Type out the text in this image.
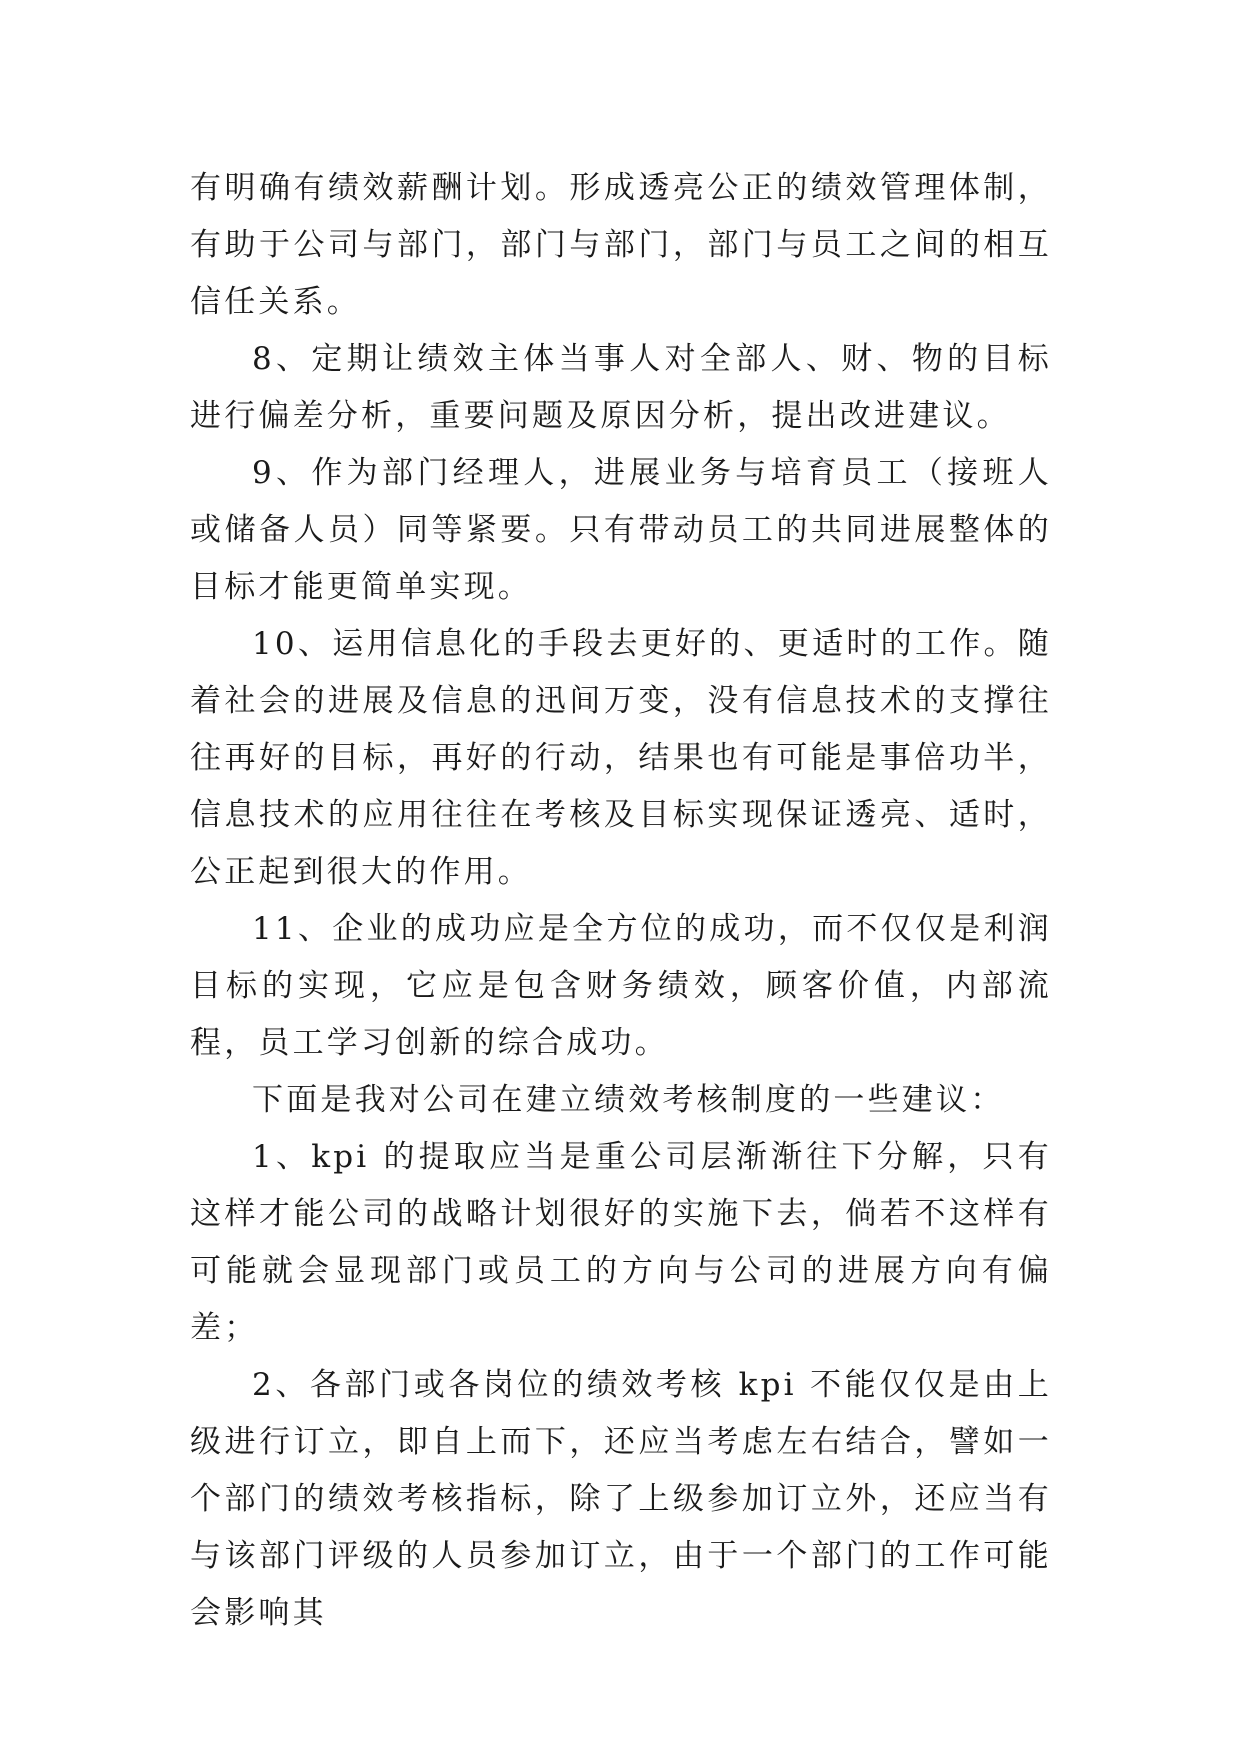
有明确有绩效薪酬计划。形成透亮公正的绩效管理体制，有助于公司与部门，部门与部门，部门与员工之间的相互信任关系。

8、定期让绩效主体当事人对全部人、财、物的目标进行偏差分析，重要问题及原因分析，提出改进建议。

9、作为部门经理人，进展业务与培育员工（接班人或储备人员）同等紧要。只有带动员工的共同进展整体的目标才能更简单实现。

10、运用信息化的手段去更好的、更适时的工作。随着社会的进展及信息的迅间万变，没有信息技术的支撑往往再好的目标，再好的行动，结果也有可能是事倍功半，信息技术的应用往往在考核及目标实现保证透亮、适时，公正起到很大的作用。

11、企业的成功应是全方位的成功，而不仅仅是利润目标的实现，它应是包含财务绩效，顾客价值，内部流程，员工学习创新的综合成功。

下面是我对公司在建立绩效考核制度的一些建议：

1、kpi 的提取应当是重公司层渐渐往下分解，只有这样才能公司的战略计划很好的实施下去，倘若不这样有可能就会显现部门或员工的方向与公司的进展方向有偏差；

2、各部门或各岗位的绩效考核 kpi 不能仅仅是由上级进行订立，即自上而下，还应当考虑左右结合，譬如一个部门的绩效考核指标，除了上级参加订立外，还应当有与该部门评级的人员参加订立，由于一个部门的工作可能会影响其
